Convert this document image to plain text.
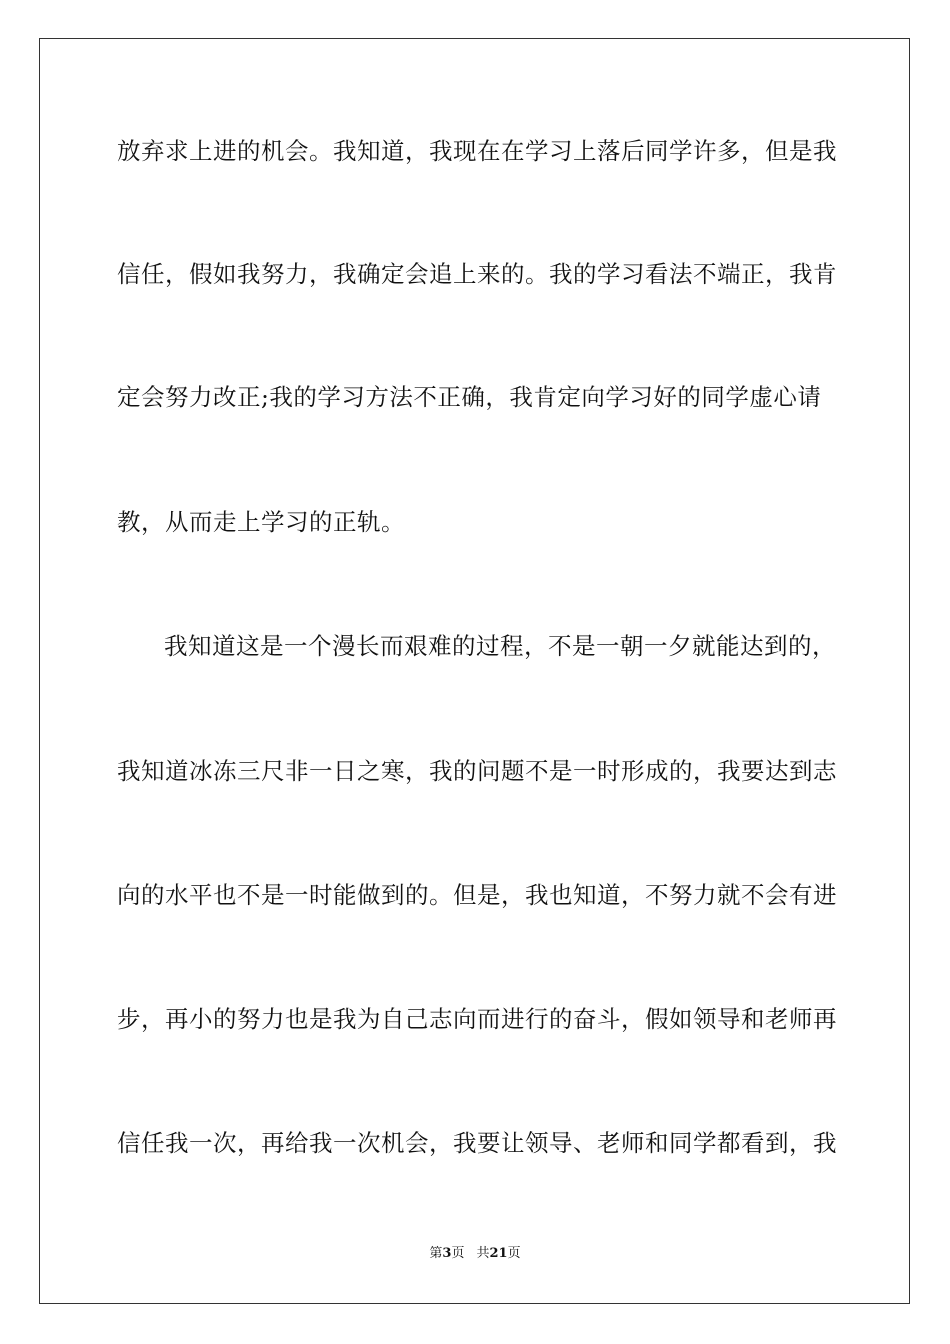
放弃求上进的机会。我知道，我现在在学习上落后同学许多，但是我
信任，假如我努力，我确定会追上来的。我的学习看法不端正，我肯
定会努力改正;我的学习方法不正确，我肯定向学习好的同学虚心请
教，从而走上学习的正轨。
我知道这是一个漫长而艰难的过程，不是一朝一夕就能达到的，
我知道冰冻三尺非一日之寒，我的问题不是一时形成的，我要达到志
向的水平也不是一时能做到的。但是，我也知道，不努力就不会有进
步，再小的努力也是我为自己志向而进行的奋斗，假如领导和老师再
信任我一次，再给我一次机会，我要让领导、老师和同学都看到，我
第3页 共21页
